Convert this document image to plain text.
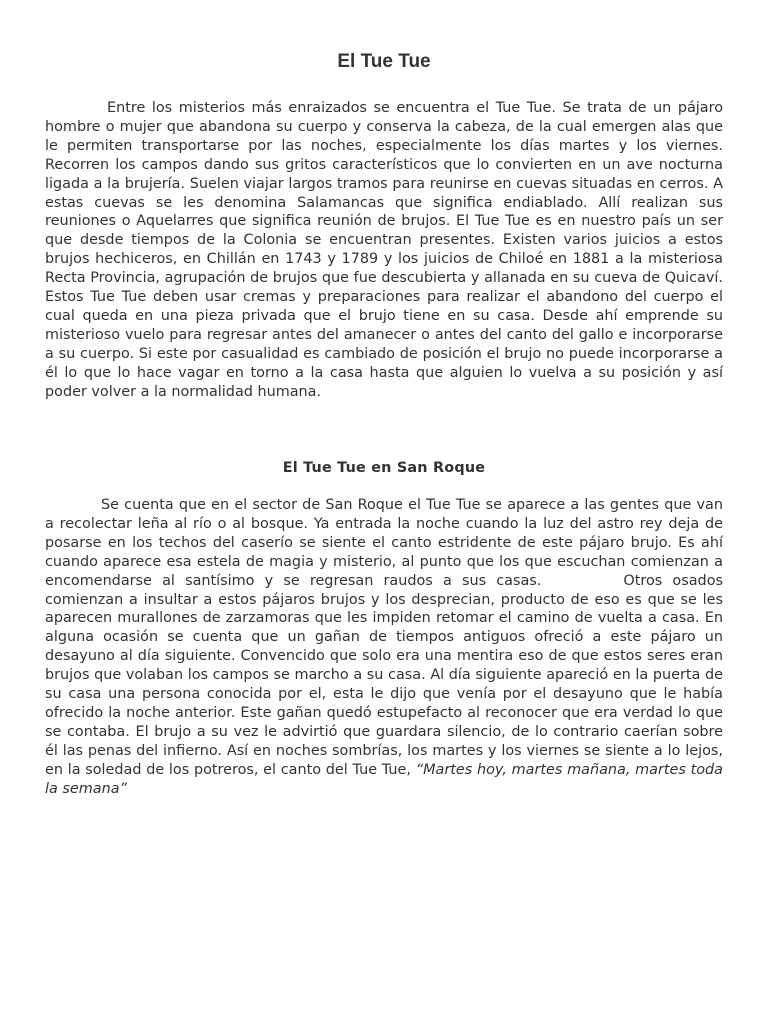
El Tue Tue

Entre los misterios más enraizados se encuentra el Tue Tue. Se trata de un pájaro hombre o mujer que abandona su cuerpo y conserva la cabeza, de la cual emergen alas que le permiten transportarse por las noches, especialmente los días martes y los viernes. Recorren los campos dando sus gritos característicos que lo convierten en un ave nocturna ligada a la brujería. Suelen viajar largos tramos para reunirse en cuevas situadas en cerros. A estas cuevas se les denomina Salamancas que significa endiablado. Allí realizan sus reuniones o Aquelarres que significa reunión de brujos. El Tue Tue es en nuestro país un ser que desde tiempos de la Colonia se encuentran presentes. Existen varios juicios a estos brujos hechiceros, en Chillán en 1743 y 1789 y los juicios de Chiloé en 1881 a la misteriosa Recta Provincia, agrupación de brujos que fue descubierta y allanada en su cueva de Quicaví. Estos Tue Tue deben usar cremas y preparaciones para realizar el abandono del cuerpo el cual queda en una pieza privada que el brujo tiene en su casa. Desde ahí emprende su misterioso vuelo para regresar antes del amanecer o antes del canto del gallo e incorporarse a su cuerpo. Si este por casualidad es cambiado de posición el brujo no puede incorporarse a él lo que lo hace vagar en torno a la casa hasta que alguien lo vuelva a su posición y así poder volver a la normalidad humana.

El Tue Tue en San Roque

Se cuenta que en el sector de San Roque el Tue Tue se aparece a las gentes que van a recolectar leña al río o al bosque. Ya entrada la noche cuando la luz del astro rey deja de posarse en los techos del caserío se siente el canto estridente de este pájaro brujo. Es ahí cuando aparece esa estela de magia y misterio, al punto que los que escuchan comienzan a encomendarse al santísimo y se regresan raudos a sus casas.	Otros osados comienzan a insultar a estos pájaros brujos y los desprecian, producto de eso es que se les aparecen murallones de zarzamoras que les impiden retomar el camino de vuelta a casa. En alguna ocasión se cuenta que un gañan de tiempos antiguos ofreció a este pájaro un desayuno al día siguiente. Convencido que solo era una mentira eso de que estos seres eran brujos que volaban los campos se marcho a su casa. Al día siguiente apareció en la puerta de su casa una persona conocida por el, esta le dijo que venía por el desayuno que le había ofrecido la noche anterior. Este gañan quedó estupefacto al reconocer que era verdad lo que se contaba. El brujo a su vez le advirtió que guardara silencio, de lo contrario caerían sobre él las penas del infierno. Así en noches sombrías, los martes y los viernes se siente a lo lejos, en la soledad de los potreros, el canto del Tue Tue, “Martes hoy, martes mañana, martes toda la semana”
